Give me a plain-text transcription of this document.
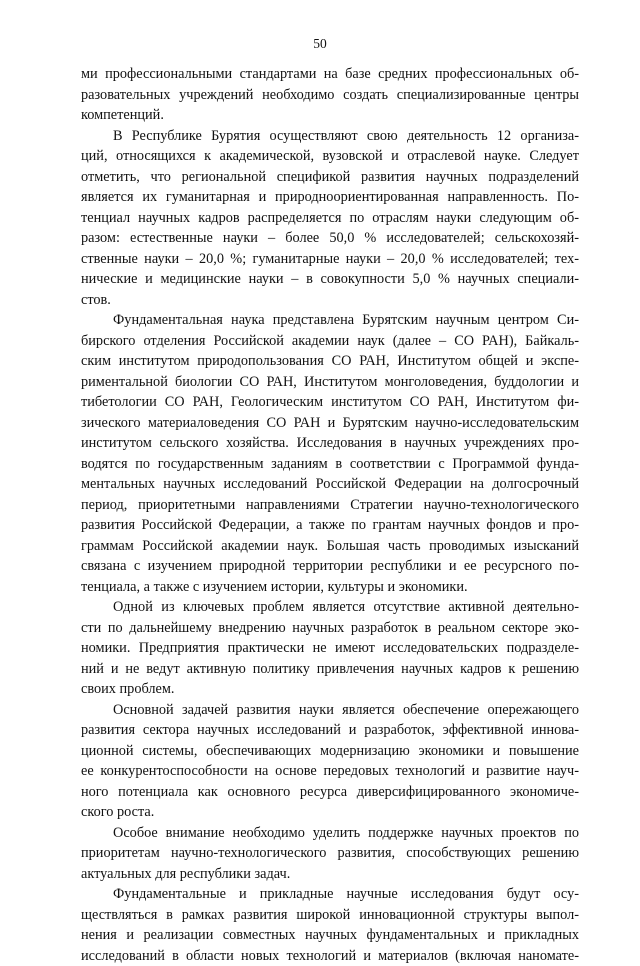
50
ми профессиональными стандартами на базе средних профессиональных об-
разовательных учреждений необходимо создать специализированные центры
компетенций.
В Республике Бурятия осуществляют свою деятельность 12 организа-
ций, относящихся к академической, вузовской и отраслевой науке. Следует
отметить, что региональной спецификой развития научных подразделений
является их гуманитарная и природноориентированная направленность. По-
тенциал научных кадров распределяется по отраслям науки следующим об-
разом: естественные науки – более 50,0 % исследователей; сельскохозяй-
ственные науки – 20,0 %; гуманитарные науки – 20,0 % исследователей; тех-
нические и медицинские науки – в совокупности 5,0 % научных специали-
стов.
Фундаментальная наука представлена Бурятским научным центром Си-
бирского отделения Российской академии наук (далее – СО РАН), Байкаль-
ским институтом природопользования СО РАН, Институтом общей и экспе-
риментальной биологии СО РАН, Институтом монголоведения, буддологии и
тибетологии СО РАН, Геологическим институтом СО РАН, Институтом фи-
зического материаловедения СО РАН и Бурятским научно-исследовательским
институтом сельского хозяйства. Исследования в научных учреждениях про-
водятся по государственным заданиям в соответствии с Программой фунда-
ментальных научных исследований Российской Федерации на долгосрочный
период, приоритетными направлениями Стратегии научно-технологического
развития Российской Федерации, а также по грантам научных фондов и про-
граммам Российской академии наук. Большая часть проводимых изысканий
связана с изучением природной территории республики и ее ресурсного по-
тенциала, а также с изучением истории, культуры и экономики.
Одной из ключевых проблем является отсутствие активной деятельно-
сти по дальнейшему внедрению научных разработок в реальном секторе эко-
номики. Предприятия практически не имеют исследовательских подразделе-
ний и не ведут активную политику привлечения научных кадров к решению
своих проблем.
Основной задачей развития науки является обеспечение опережающего
развития сектора научных исследований и разработок, эффективной иннова-
ционной системы, обеспечивающих модернизацию экономики и повышение
ее конкурентоспособности на основе передовых технологий и развитие науч-
ного потенциала как основного ресурса диверсифицированного экономиче-
ского роста.
Особое внимание необходимо уделить поддержке научных проектов по
приоритетам научно-технологического развития, способствующих решению
актуальных для республики задач.
Фундаментальные и прикладные научные исследования будут осу-
ществляться в рамках развития широкой инновационной структуры выпол-
нения и реализации совместных научных фундаментальных и прикладных
исследований в области новых технологий и материалов (включая наномате-
